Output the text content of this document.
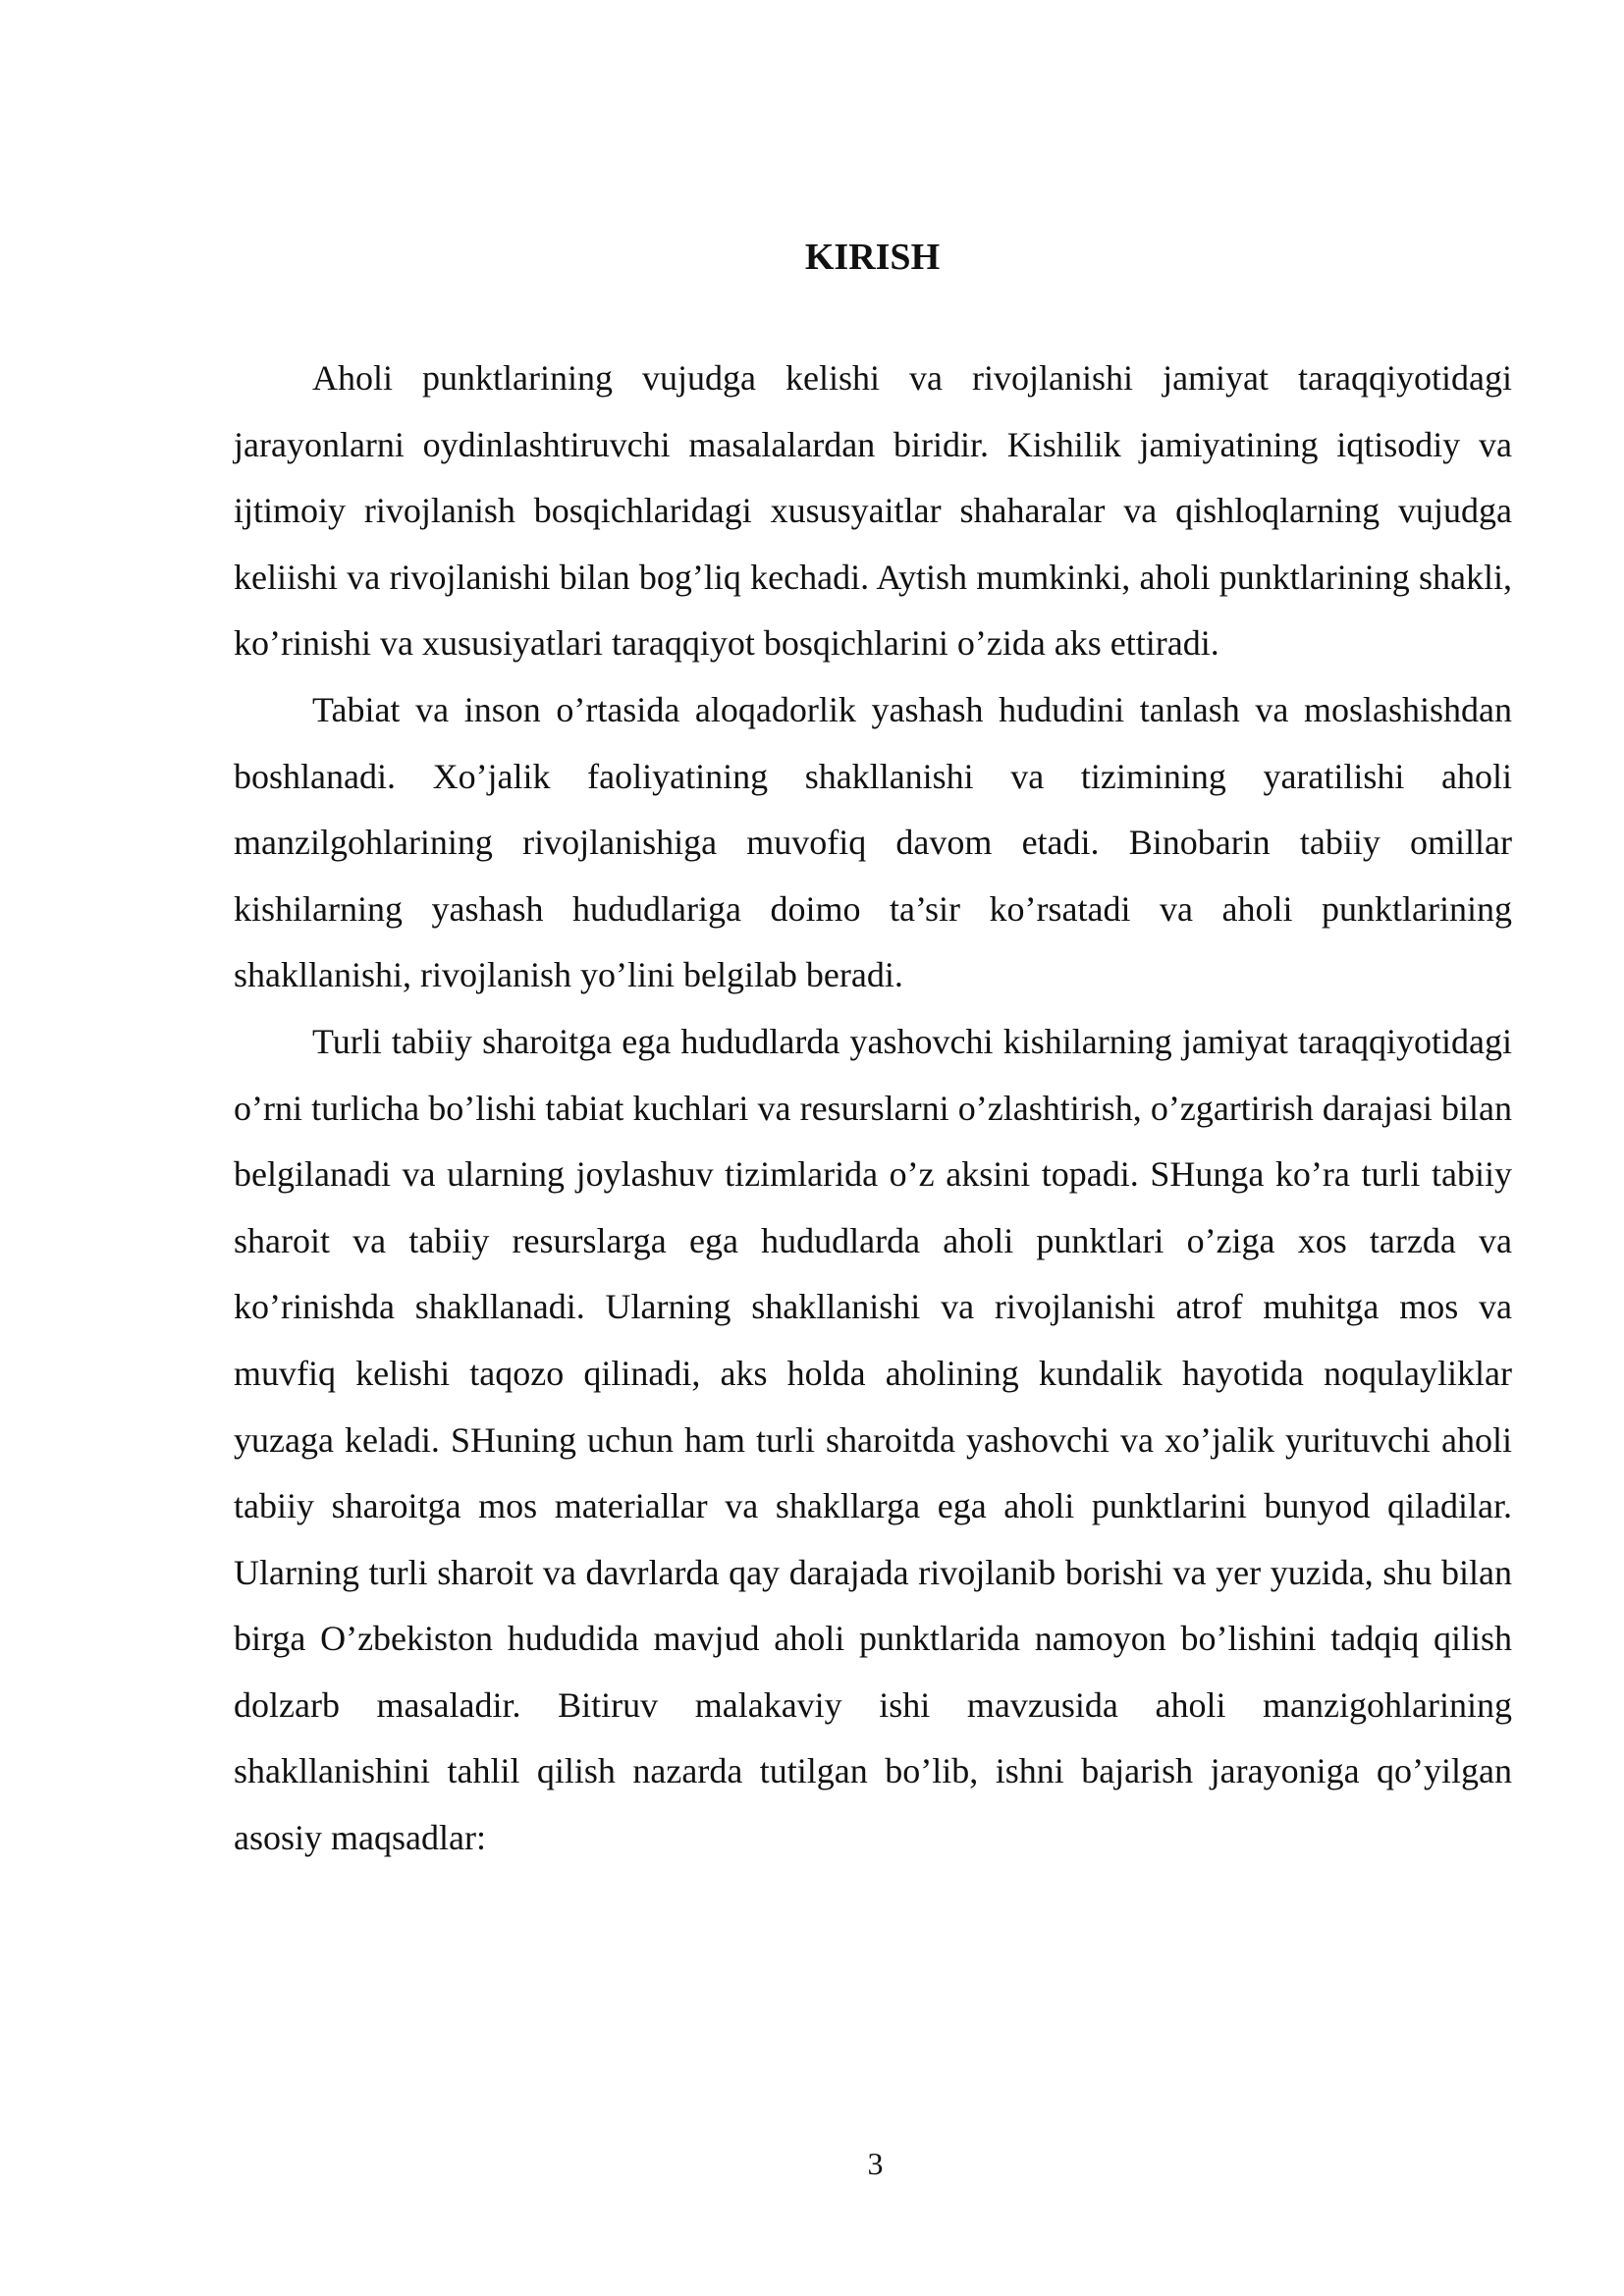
KIRISH

Aholi punktlarining vujudga kelishi va rivojlanishi jamiyat taraqqiyotidagi jarayonlarni oydinlashtiruvchi masalalardan biridir. Kishilik jamiyatining iqtisodiy va ijtimoiy rivojlanish bosqichlaridagi xususyaitlar shaharalar va qishloqlarning vujudga keliishi va rivojlanishi bilan bog’liq kechadi. Aytish mumkinki, aholi punktlarining shakli, ko’rinishi va xususiyatlari taraqqiyot bosqichlarini o’zida aks ettiradi.

Tabiat va inson o’rtasida aloqadorlik yashash hududini tanlash va moslashishdan boshlanadi. Xo’jalik faoliyatining shakllanishi va tizimining yaratilishi aholi manzilgohlarining rivojlanishiga muvofiq davom etadi. Binobarin tabiiy omillar kishilarning yashash hududlariga doimo ta’sir ko’rsatadi va aholi punktlarining shakllanishi, rivojlanish yo’lini belgilab beradi.

Turli tabiiy sharoitga ega hududlarda yashovchi kishilarning jamiyat taraqqiyotidagi o’rni turlicha bo’lishi tabiat kuchlari va resurslarni o’zlashtirish, o’zgartirish darajasi bilan belgilanadi va ularning joylashuv tizimlarida o’z aksini topadi. SHunga ko’ra turli tabiiy sharoit va tabiiy resurslarga ega hududlarda aholi punktlari o’ziga xos tarzda va ko’rinishda shakllanadi. Ularning shakllanishi va rivojlanishi atrof muhitga mos va muvfiq kelishi taqozo qilinadi, aks holda aholining kundalik hayotida noqulayliklar yuzaga keladi. SHuning uchun ham turli sharoitda yashovchi va xo’jalik yurituvchi aholi tabiiy sharoitga mos materiallar va shakllarga ega aholi punktlarini bunyod qiladilar. Ularning turli sharoit va davrlarda qay darajada rivojlanib borishi va yer yuzida, shu bilan birga O’zbekiston hududida mavjud aholi punktlarida namoyon bo’lishini tadqiq qilish dolzarb masaladir. Bitiruv malakaviy ishi mavzusida aholi manzigohlarining shakllanishini tahlil qilish nazarda tutilgan bo’lib, ishni bajarish jarayoniga qo’yilgan asosiy maqsadlar:

3
